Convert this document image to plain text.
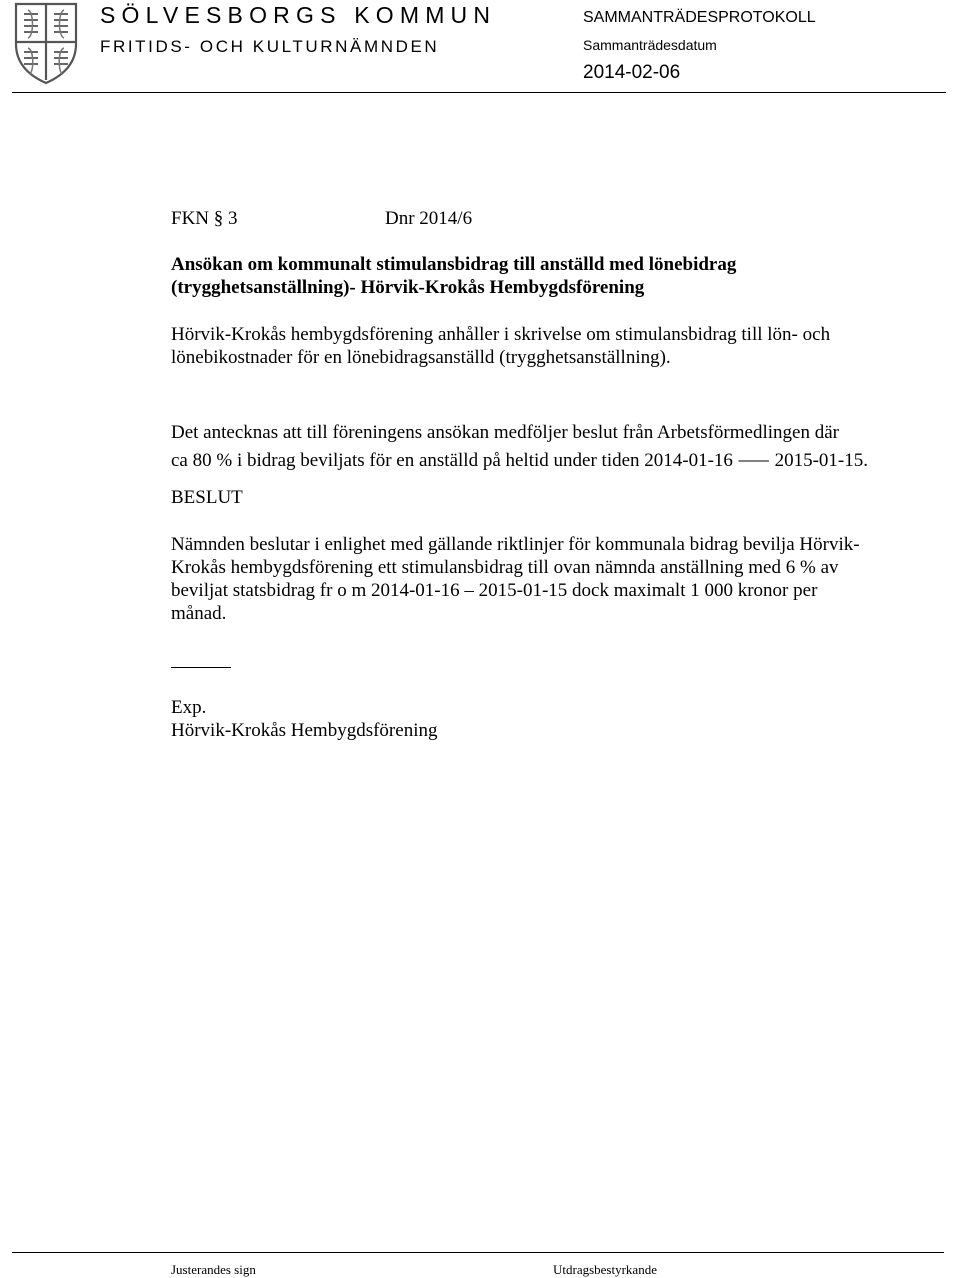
SÖLVESBORGS KOMMUN
FRITIDS- OCH KULTURNÄMNDEN
SAMMANTRÄDESPROTOKOLL
Sammanträdesdatum
2014-02-06
FKN § 3	Dnr 2014/6
Ansökan om kommunalt stimulansbidrag till anställd med lönebidrag
(trygghetsanställning)- Hörvik-Krokås Hembygdsförening
Hörvik-Krokås hembygdsförening anhåller i skrivelse om stimulansbidrag till lön- och
lönebikostnader för en lönebidragsanställd (trygghetsanställning).
Det antecknas att till föreningens ansökan medföljer beslut från Arbetsförmedlingen där
ca 80 % i bidrag beviljats för en anställd på heltid under tiden 2014-01-16 ⸺ 2015-01-15.
BESLUT
Nämnden beslutar i enlighet med gällande riktlinjer för kommunala bidrag bevilja Hörvik-
Krokås hembygdsförening ett stimulansbidrag till ovan nämnda anställning med 6 % av
beviljat statsbidrag fr o m 2014-01-16 – 2015-01-15 dock maximalt 1 000 kronor per
månad.
Exp.
Hörvik-Krokås Hembygdsförening
Justerandes sign	Utdragsbestyrkande
